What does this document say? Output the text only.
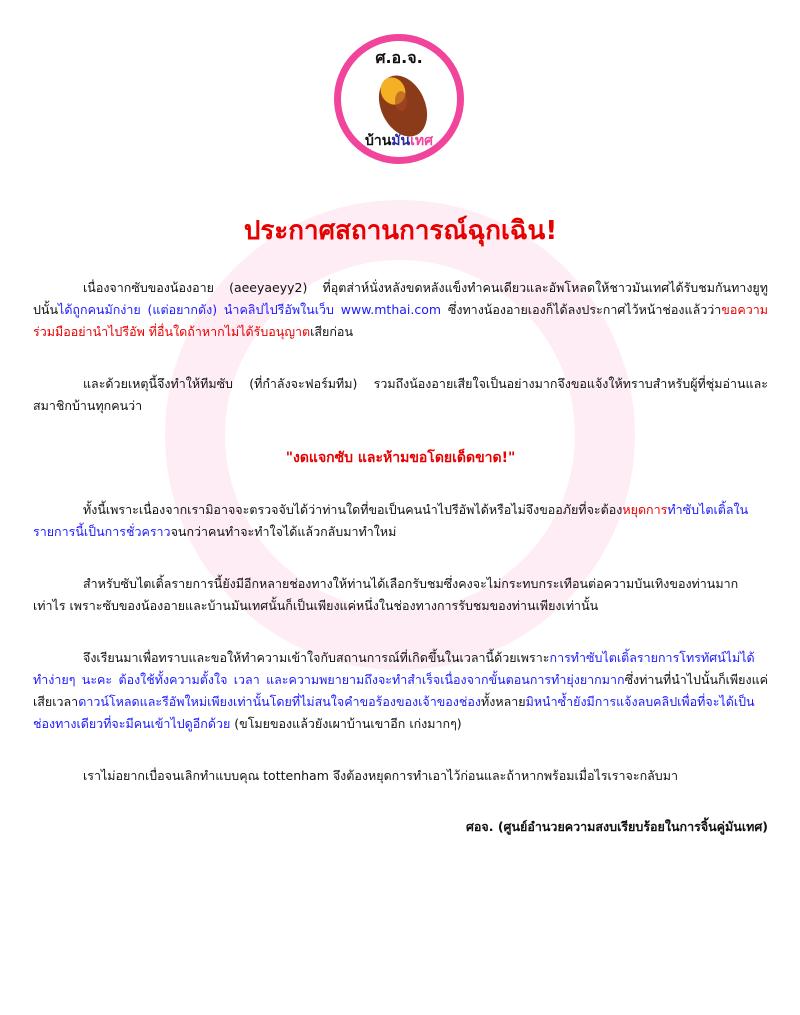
ศ.อ.จ.
บ้านมันเทศ
ประกาศสถานการณ์ฉุกเฉิน!

เนื่องจากซับของน้องอาย (aeeyaeyy2) ที่อุตส่าห์นั่งหลังขดหลังแข็งทำคนเดียวและอัพโหลดให้ชาวมันเทศได้รับชมกันทางยูทูปนั้นได้ถูกคนมักง่าย (แต่อยากดัง) นำคลิปไปรีอัพในเว็บ www.mthai.com ซึ่งทางน้องอายเองก็ได้ลงประกาศไว้หน้าช่องแล้วว่าขอความร่วมมืออย่านำไปรีอัพ ที่อื่นใดถ้าหากไม่ได้รับอนุญาตเสียก่อน

และด้วยเหตุนี้จึงทำให้ทีมซับ (ที่กำลังจะฟอร์มทีม) รวมถึงน้องอายเสียใจเป็นอย่างมากจึงขอแจ้งให้ทราบสำหรับผู้ที่ชุ่มอ่านและสมาชิกบ้านทุกคนว่า

"งดแจกซับ และห้ามขอโดยเด็ดขาด!"

ทั้งนี้เพราะเนื่องจากเรามิอาจจะตรวจจับได้ว่าท่านใดที่ขอเป็นคนนำไปรีอัพได้หรือไม่จึงขออภัยที่จะต้องหยุดการทำซับไตเติ้ลในรายการนี้เป็นการชั่วคราวจนกว่าคนทำจะทำใจได้แล้วกลับมาทำใหม่

สำหรับซับไตเติ้ลรายการนี้ยังมีอีกหลายช่องทางให้ท่านได้เลือกรับชมซึ่งคงจะไม่กระทบกระเทือนต่อความบันเทิงของท่านมากเท่าไร เพราะซับของน้องอายและบ้านมันเทศนั้นก็เป็นเพียงแค่หนึ่งในช่องทางการรับชมของท่านเพียงเท่านั้น

จึงเรียนมาเพื่อทราบและขอให้ทำความเข้าใจกับสถานการณ์ที่เกิดขึ้นในเวลานี้ด้วยเพราะการทำซับไตเติ้ลรายการโทรทัศน์ไม่ได้ทำง่ายๆ นะคะ ต้องใช้ทั้งความตั้งใจ เวลา และความพยายามถึงจะทำสำเร็จเนื่องจากขั้นตอนการทำยุ่งยากมากซึ่งท่านที่นำไปนั้นก็เพียงแค่เสียเวลาดาวน์โหลดและรีอัพใหม่เพียงเท่านั้นโดยที่ไม่สนใจคำขอร้องของเจ้าของช่องทั้งหลายมิหนำซ้ำยังมีการแจ้งลบคลิปเพื่อที่จะได้เป็นช่องทางเดียวที่จะมีคนเข้าไปดูอีกด้วย (ขโมยของแล้วยังเผาบ้านเขาอีก เก่งมากๆ)

เราไม่อยากเบื่อจนเลิกทำแบบคุณ tottenham จึงต้องหยุดการทำเอาไว้ก่อนและถ้าหากพร้อมเมื่อไรเราจะกลับมา

ศอจ. (ศูนย์อำนวยความสงบเรียบร้อยในการจิ้นคู่มันเทศ)
